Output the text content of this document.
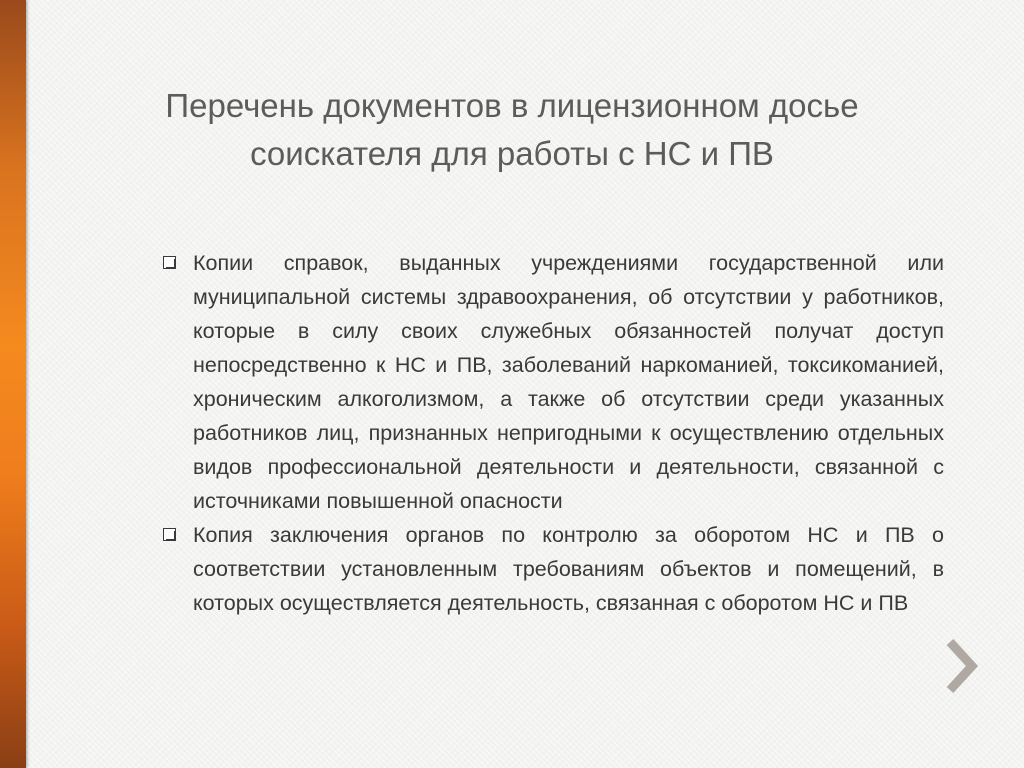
Перечень документов в лицензионном досье
соискателя для работы с НС и ПВ
Копии справок, выданных учреждениями государственной или муниципальной системы здравоохранения, об отсутствии у работников, которые в силу своих служебных обязанностей получат доступ непосредственно к НС и ПВ, заболеваний наркоманией, токсикоманией, хроническим алкоголизмом, а также об отсутствии среди указанных работников лиц, признанных непригодными к осуществлению отдельных видов профессиональной деятельности и деятельности, связанной с источниками повышенной опасности
Копия заключения органов по контролю за оборотом НС и ПВ о соответствии установленным требованиям объектов и помещений, в которых осуществляется деятельность, связанная с оборотом НС и ПВ
